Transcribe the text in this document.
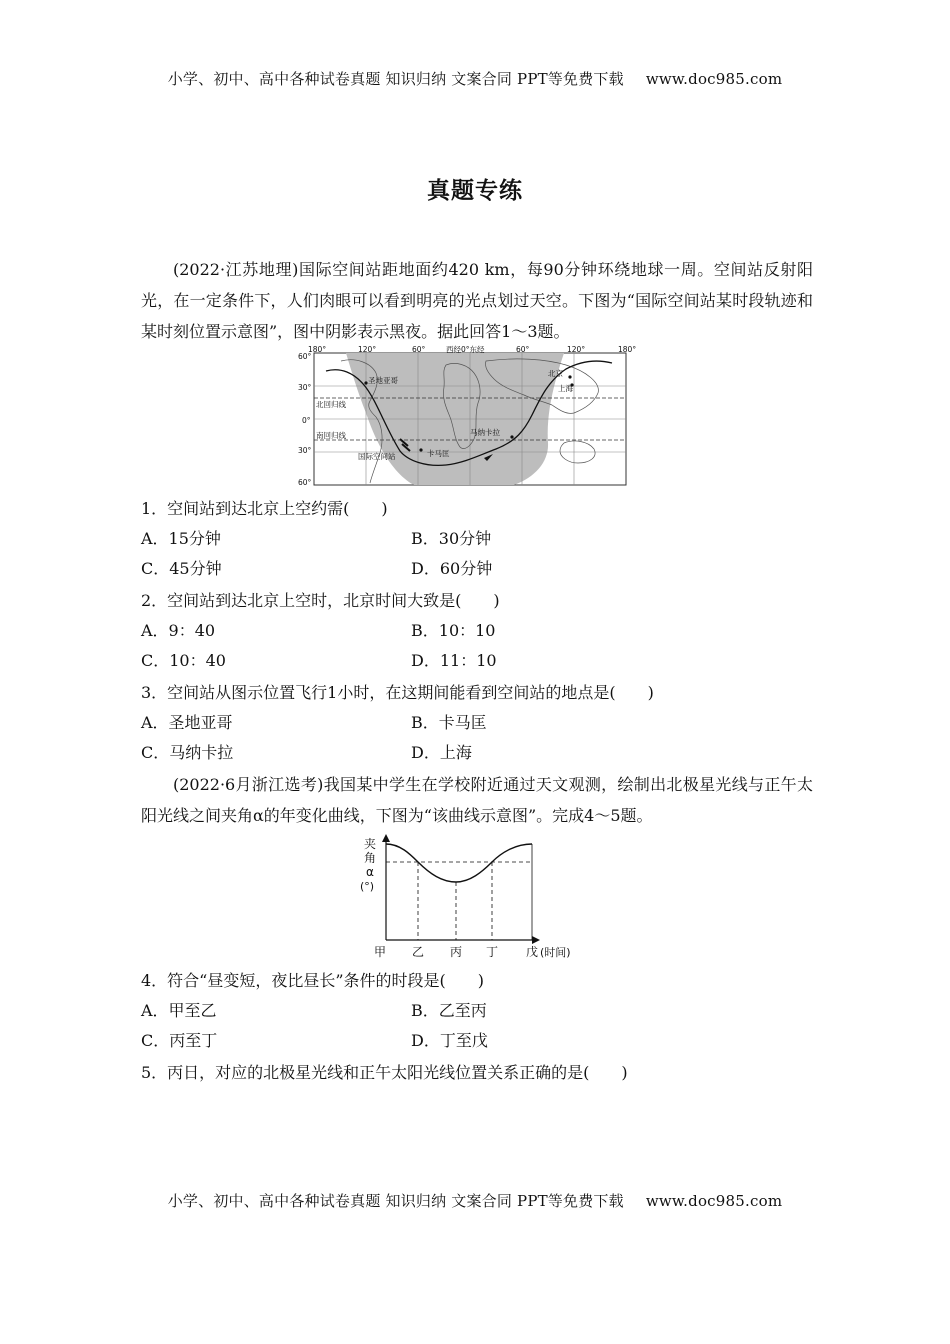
小学、初中、高中各种试卷真题 知识归纳 文案合同 PPT等免费下载 www.doc985.com
真题专练
(2022·江苏地理)国际空间站距地面约420 km，每90分钟环绕地球一周。空间站反射阳光，在一定条件下，人们肉眼可以看到明亮的光点划过天空。下图为“国际空间站某时段轨迹和某时刻位置示意图”，图中阴影表示黑夜。据此回答1～3题。
180°	120°	60°	西经0°东经	60°	120°	180°
60°
30°
0°
30°
60°
北回归线
南回归线
圣地亚哥
北京
上海
马纳卡拉
卡马匡
国际空间站
1．空间站到达北京上空约需(　　)
A．15分钟	B．30分钟
C．45分钟	D．60分钟
2．空间站到达北京上空时，北京时间大致是(　　)
A．9：40	B．10：10
C．10：40	D．11：10
3．空间站从图示位置飞行1小时，在这期间能看到空间站的地点是(　　)
A．圣地亚哥	B．卡马匡
C．马纳卡拉	D．上海
(2022·6月浙江选考)我国某中学生在学校附近通过天文观测，绘制出北极星光线与正午太阳光线之间夹角α的年变化曲线，下图为“该曲线示意图”。完成4～5题。
夹
角
α
(°)
甲 乙 丙 丁 戊 (时间)
4．符合“昼变短，夜比昼长”条件的时段是(　　)
A．甲至乙	B．乙至丙
C．丙至丁	D．丁至戊
5．丙日，对应的北极星光线和正午太阳光线位置关系正确的是(　　)
小学、初中、高中各种试卷真题 知识归纳 文案合同 PPT等免费下载 www.doc985.com
